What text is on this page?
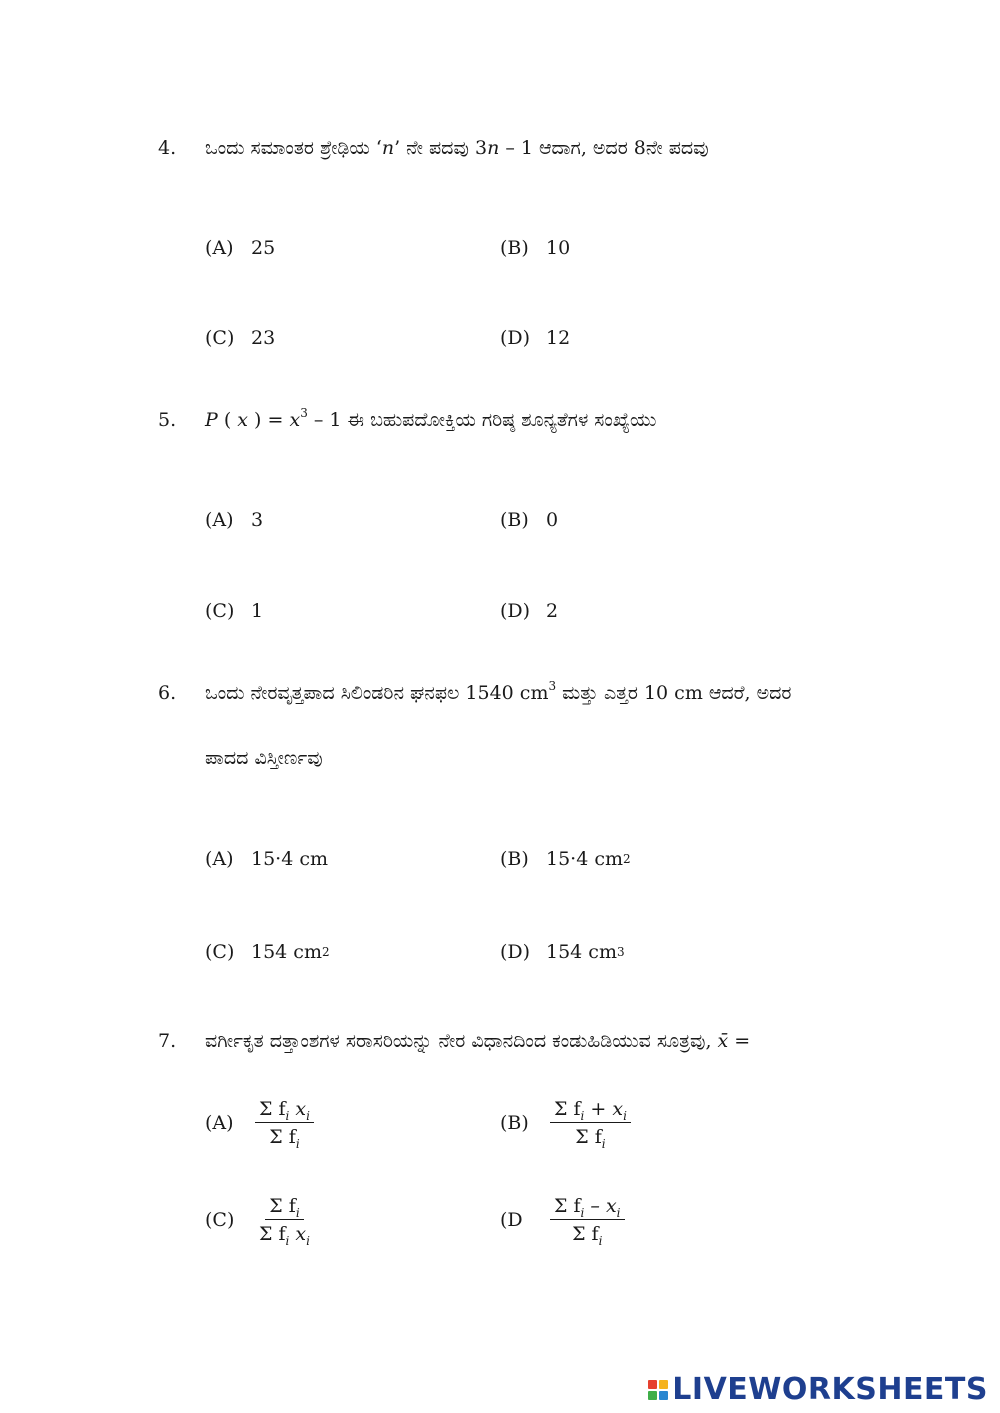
4. ಒಂದು ಸಮಾಂತರ ಶ್ರೇಢಿಯ ‘n’ ನೇ ಪದವು 3n – 1 ಆದಾಗ, ಅದರ 8ನೇ ಪದವು
(A) 25	(B) 10
(C) 23	(D) 12
5. P ( x ) = $x^3 - 1$ ಈ ಬಹುಪದೋಕ್ತಿಯ ಗರಿಷ್ಠ ಶೂನ್ಯತೆಗಳ ಸಂಖ್ಯೆಯು
(A) 3	(B) 0
(C) 1	(D) 2
6. ಒಂದು ನೇರವೃತ್ತಪಾದ ಸಿಲಿಂಡರಿನ ಘನಫಲ 1540 $cm^3$ ಮತ್ತು ಎತ್ತರ 10 cm ಆದರೆ, ಅದರ
ಪಾದದ ವಿಸ್ತೀರ್ಣವು
(A) 15·4 cm	(B) 15·4 cm 2
(C) 154 cm 2	(D) 154 cm 3
7. ವರ್ಗೀಕೃತ ದತ್ತಾಂಶಗಳ ಸರಾಸರಿಯನ್ನು ನೇರ ವಿಧಾನದಿಂದ ಕಂಡುಹಿಡಿಯುವ ಸೂತ್ರವು, x̄ =
(A)	$\frac{\Sigma f_i x_i}{\Sigma f_i}$	(B)	$\frac{\Sigma f_i + x_i}{\Sigma f_i}$
(C)	$\frac{\Sigma f_i}{\Sigma f_i x_i}$	(D	$\frac{\Sigma f_i - x_i}{\Sigma f_i}$
LIVEWORKSHEETS
